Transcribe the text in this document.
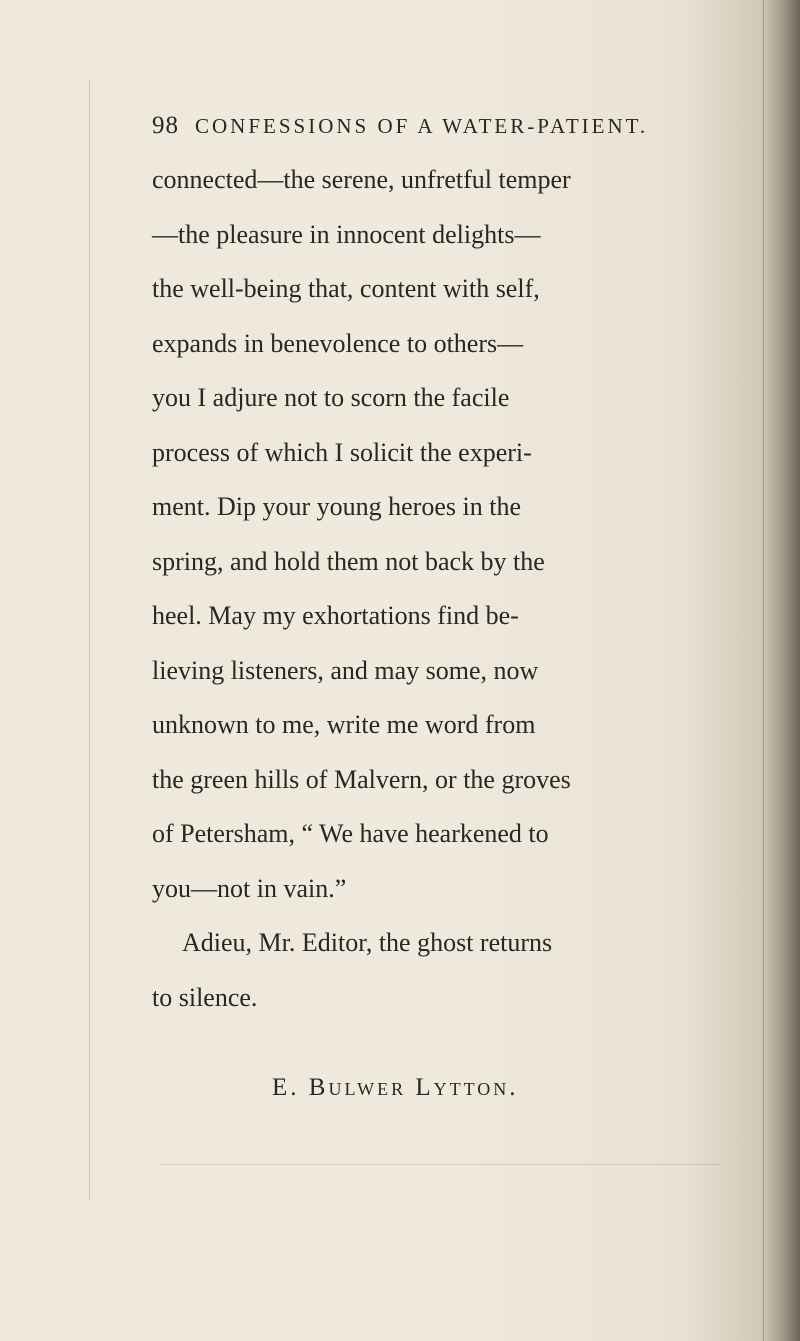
98 CONFESSIONS OF A WATER-PATIENT.

connected—the serene, unfretful temper

—the pleasure in innocent delights—

the well-being that, content with self,

expands in benevolence to others—

you I adjure not to scorn the facile

process of which I solicit the experi-

ment. Dip your young heroes in the

spring, and hold them not back by the

heel. May my exhortations find be-

lieving listeners, and may some, now

unknown to me, write me word from

the green hills of Malvern, or the groves

of Petersham, “ We have hearkened to

you—not in vain.”

Adieu, Mr. Editor, the ghost returns

to silence.

E. Bulwer Lytton.
